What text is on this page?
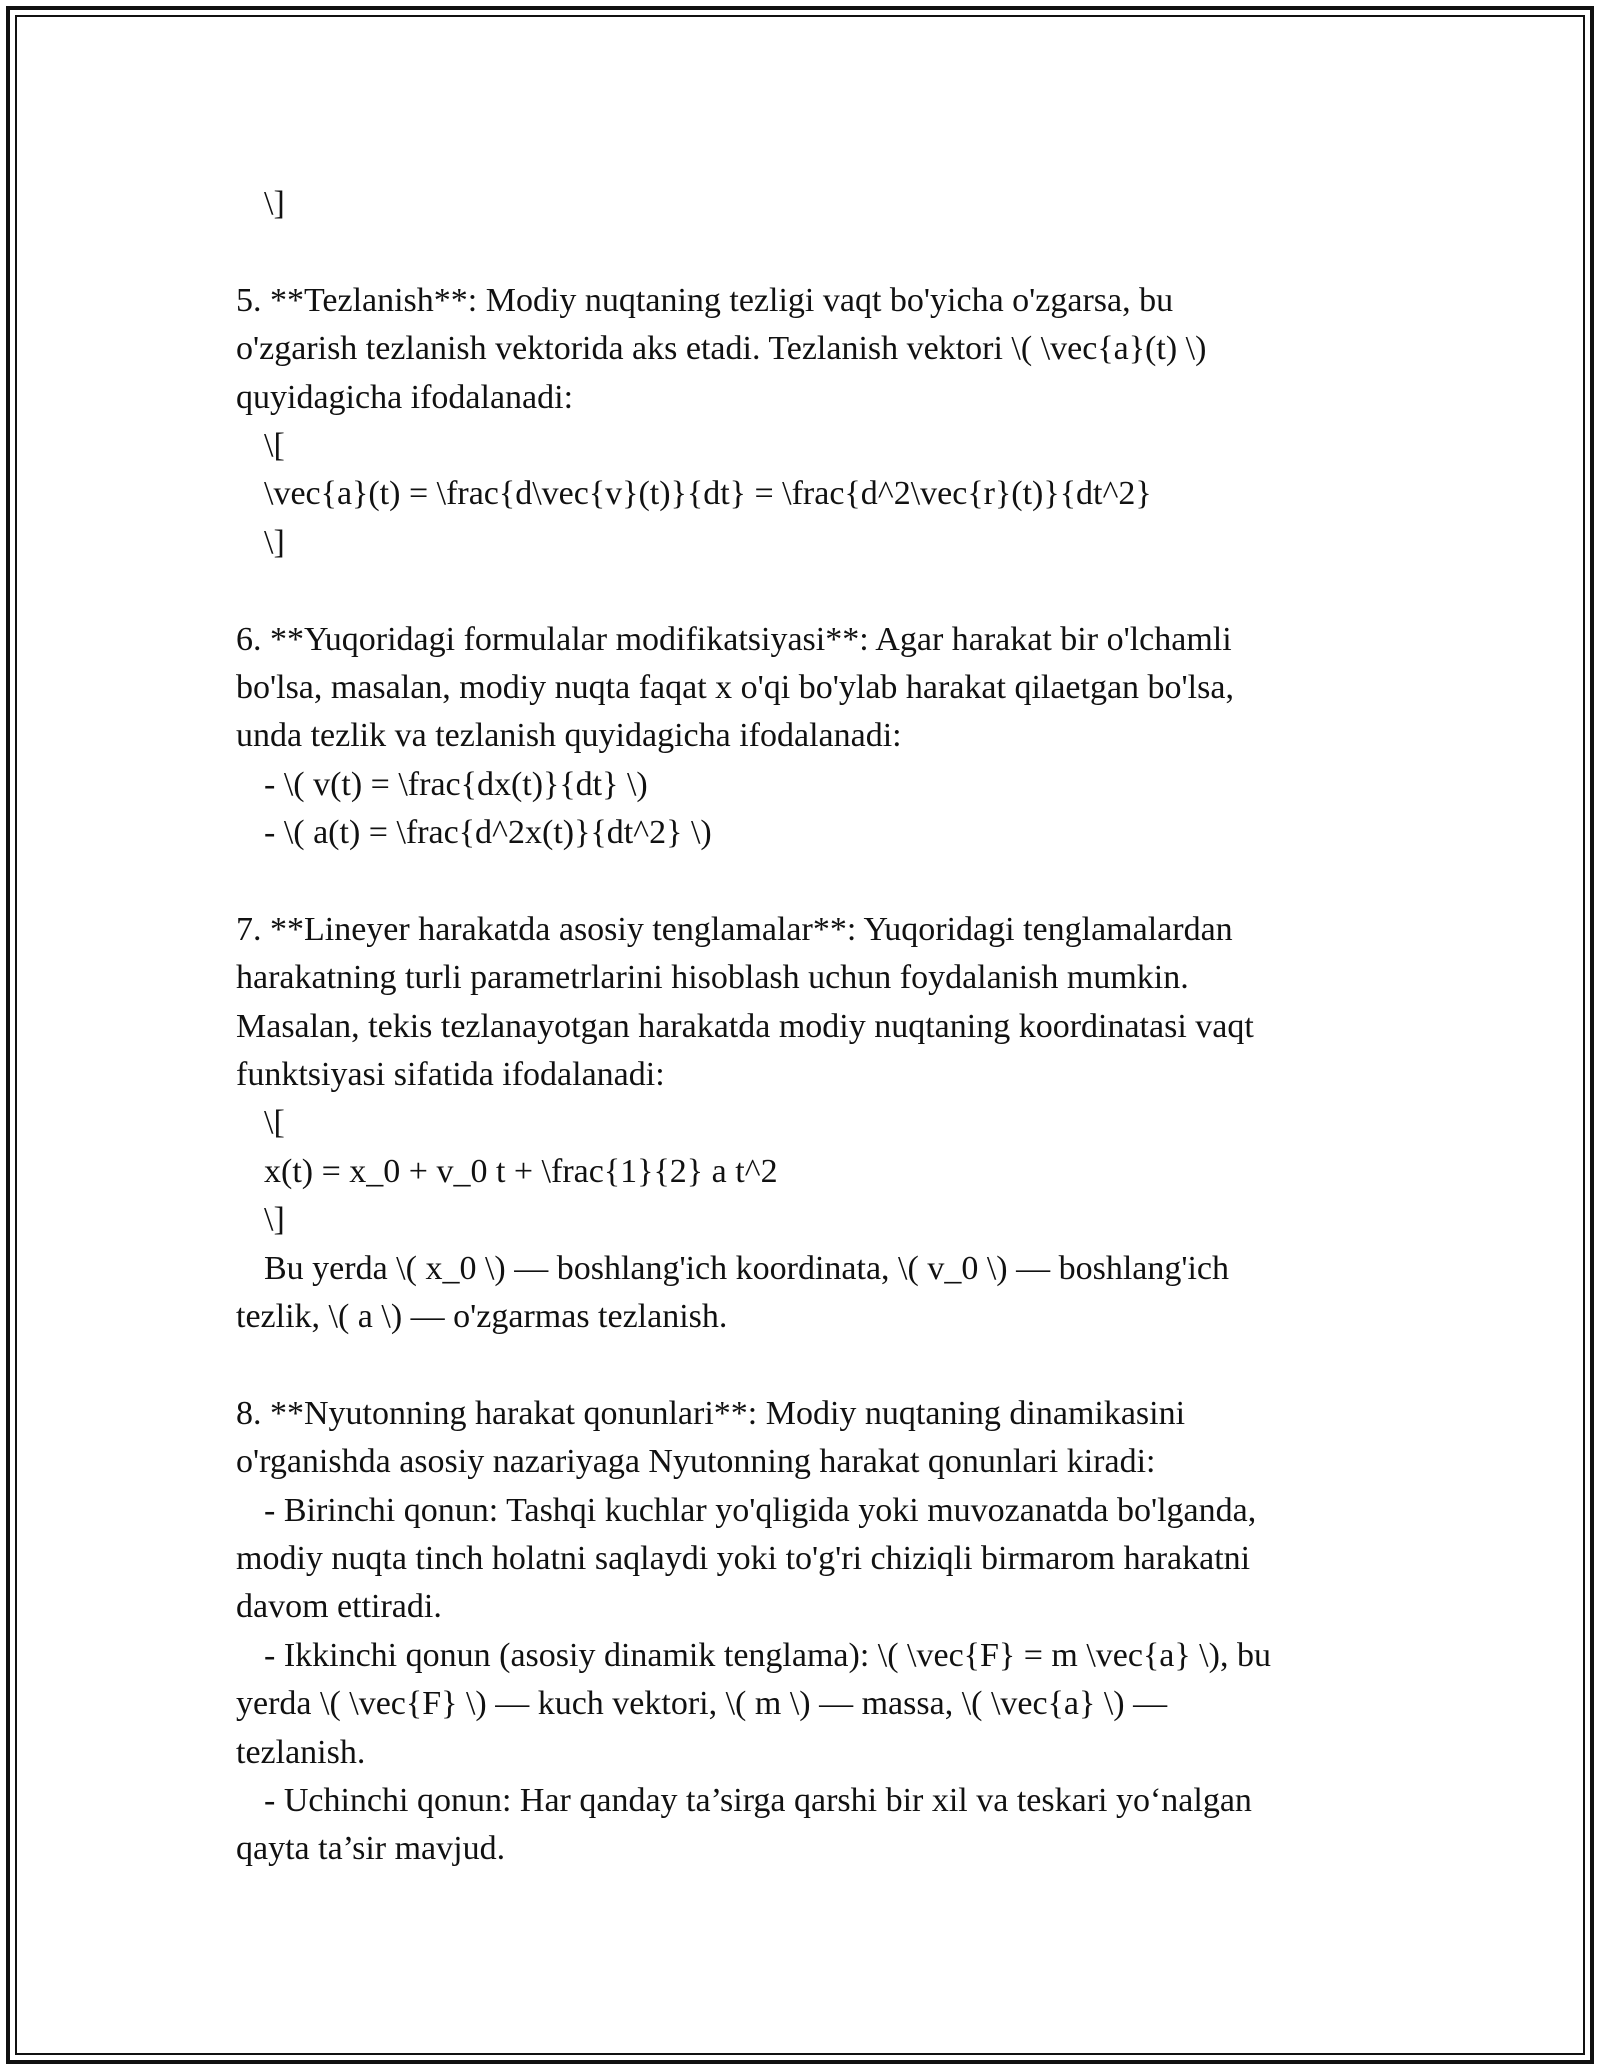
\]
5. **Tezlanish**: Modiy nuqtaning tezligi vaqt bo'yicha o'zgarsa, bu
o'zgarish tezlanish vektorida aks etadi. Tezlanish vektori \( \vec{a}(t) \)
quyidagicha ifodalanadi:
\[
\vec{a}(t) = \frac{d\vec{v}(t)}{dt} = \frac{d^2\vec{r}(t)}{dt^2}
\]
6. **Yuqoridagi formulalar modifikatsiyasi**: Agar harakat bir o'lchamli
bo'lsa, masalan, modiy nuqta faqat x o'qi bo'ylab harakat qilaetgan bo'lsa,
unda tezlik va tezlanish quyidagicha ifodalanadi:
- \( v(t) = \frac{dx(t)}{dt} \)
- \( a(t) = \frac{d^2x(t)}{dt^2} \)
7. **Lineyer harakatda asosiy tenglamalar**: Yuqoridagi tenglamalardan
harakatning turli parametrlarini hisoblash uchun foydalanish mumkin.
Masalan, tekis tezlanayotgan harakatda modiy nuqtaning koordinatasi vaqt
funktsiyasi sifatida ifodalanadi:
\[
x(t) = x_0 + v_0 t + \frac{1}{2} a t^2
\]
Bu yerda \( x_0 \) — boshlang'ich koordinata, \( v_0 \) — boshlang'ich
tezlik, \( a \) — o'zgarmas tezlanish.
8. **Nyutonning harakat qonunlari**: Modiy nuqtaning dinamikasini
o'rganishda asosiy nazariyaga Nyutonning harakat qonunlari kiradi:
- Birinchi qonun: Tashqi kuchlar yo'qligida yoki muvozanatda bo'lganda,
modiy nuqta tinch holatni saqlaydi yoki to'g'ri chiziqli birmarom harakatni
davom ettiradi.
- Ikkinchi qonun (asosiy dinamik tenglama): \( \vec{F} = m \vec{a} \), bu
yerda \( \vec{F} \) — kuch vektori, \( m \) — massa, \( \vec{a} \) —
tezlanish.
- Uchinchi qonun: Har qanday ta’sirga qarshi bir xil va teskari yo‘nalgan
qayta ta’sir mavjud.
